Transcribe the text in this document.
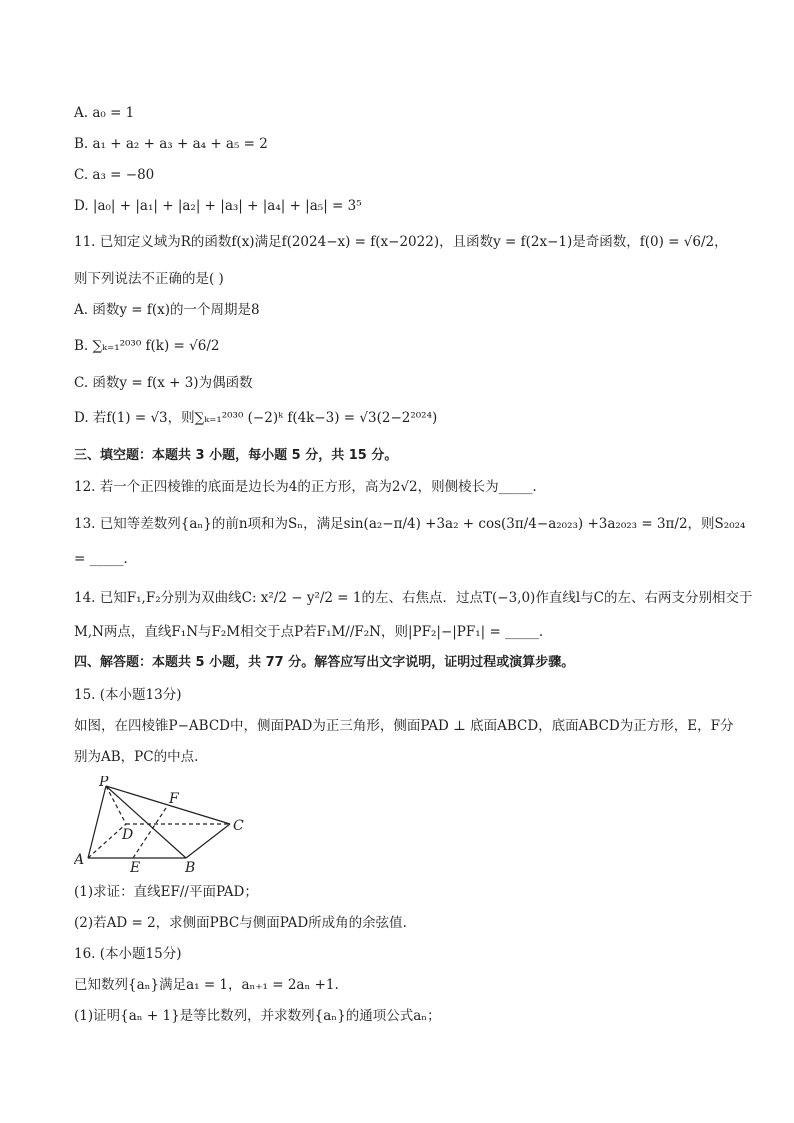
A. a₀ = 1
B. a₁ + a₂ + a₃ + a₄ + a₅ = 2
C. a₃ = −80
D. |a₀| + |a₁| + |a₂| + |a₃| + |a₄| + |a₅| = 3⁵
11. 已知定义域为R的函数f(x)满足f(2024−x) = f(x−2022)，且函数y = f(2x−1)是奇函数，f(0) = √6/2，
则下列说法不正确的是( )
A. 函数y = f(x)的一个周期是8
B. ∑ₖ₌₁²⁰³⁰ f(k) = √6/2
C. 函数y = f(x + 3)为偶函数
D. 若f(1) = √3，则∑ₖ₌₁²⁰³⁰ (−2)ᵏ f(4k−3) = √3(2−2²⁰²⁴)
三、填空题：本题共 3 小题，每小题 5 分，共 15 分。
12. 若一个正四棱锥的底面是边长为4的正方形，高为2√2，则侧棱长为_____.
13. 已知等差数列{aₙ}的前n项和为Sₙ，满足sin(a₂−π/4) +3a₂ + cos(3π/4−a₂₀₂₃) +3a₂₀₂₃ = 3π/2，则S₂₀₂₄
= _____.
14. 已知F₁,F₂分别为双曲线C: x²/2 − y²/2 = 1的左、右焦点．过点T(−3,0)作直线l与C的左、右两支分别相交于
M,N两点，直线F₁N与F₂M相交于点P若F₁M//F₂N，则|PF₂|−|PF₁| = _____.
四、解答题：本题共 5 小题，共 77 分。解答应写出文字说明，证明过程或演算步骤。
15. (本小题13分)
如图，在四棱锥P−ABCD中，侧面PAD为正三角形，侧面PAD ⊥ 底面ABCD，底面ABCD为正方形，E，F分
别为AB，PC的中点.
P
A	B
C
D
E
F
(1)求证：直线EF//平面PAD；
(2)若AD = 2，求侧面PBC与侧面PAD所成角的余弦值.
16. (本小题15分)
已知数列{aₙ}满足a₁ = 1，aₙ₊₁ = 2aₙ +1.
(1)证明{aₙ + 1}是等比数列，并求数列{aₙ}的通项公式aₙ；
